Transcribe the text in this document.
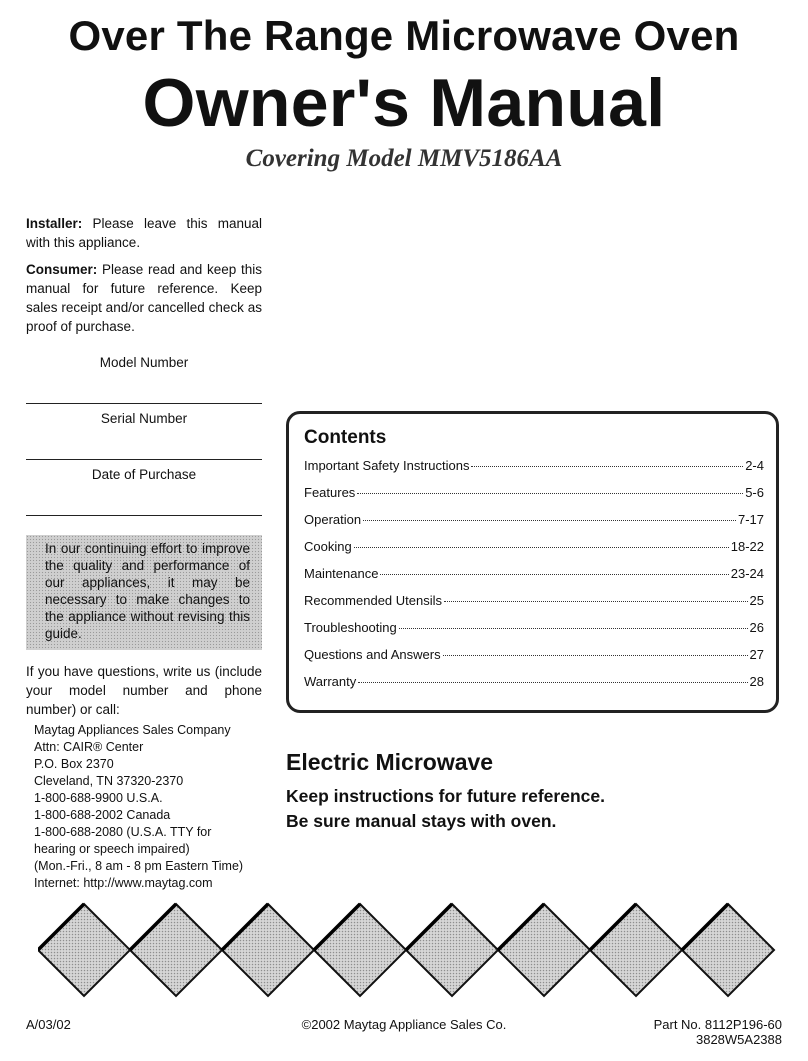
Over The Range Microwave Oven
Owner's Manual

Covering Model MMV5186AA

Installer: Please leave this manual with this appliance.

Consumer: Please read and keep this manual for future reference. Keep sales receipt and/or cancelled check as proof of purchase.

Model Number
Serial Number
Date of Purchase
In our continuing effort to improve the quality and performance of our appliances, it may be necessary to make changes to the appliance without revising this guide.

If you have questions, write us (include your model number and phone number) or call:

Maytag Appliances Sales Company
Attn: CAIR® Center
P.O. Box 2370
Cleveland, TN 37320-2370
1-800-688-9900 U.S.A.
1-800-688-2002 Canada
1-800-688-2080 (U.S.A. TTY for
hearing or speech impaired)
(Mon.-Fri., 8 am - 8 pm Eastern Time)
Internet: http://www.maytag.com
Contents
Important Safety Instructions	2-4
Features	5-6
Operation	7-17
Cooking	18-22
Maintenance	23-24
Recommended Utensils	25
Troubleshooting	26
Questions and Answers	27
Warranty	28
Electric Microwave

Keep instructions for future reference.

Be sure manual stays with oven.

A/03/02	©2002 Maytag Appliance Sales Co.	Part No. 8112P196-60
3828W5A2388
